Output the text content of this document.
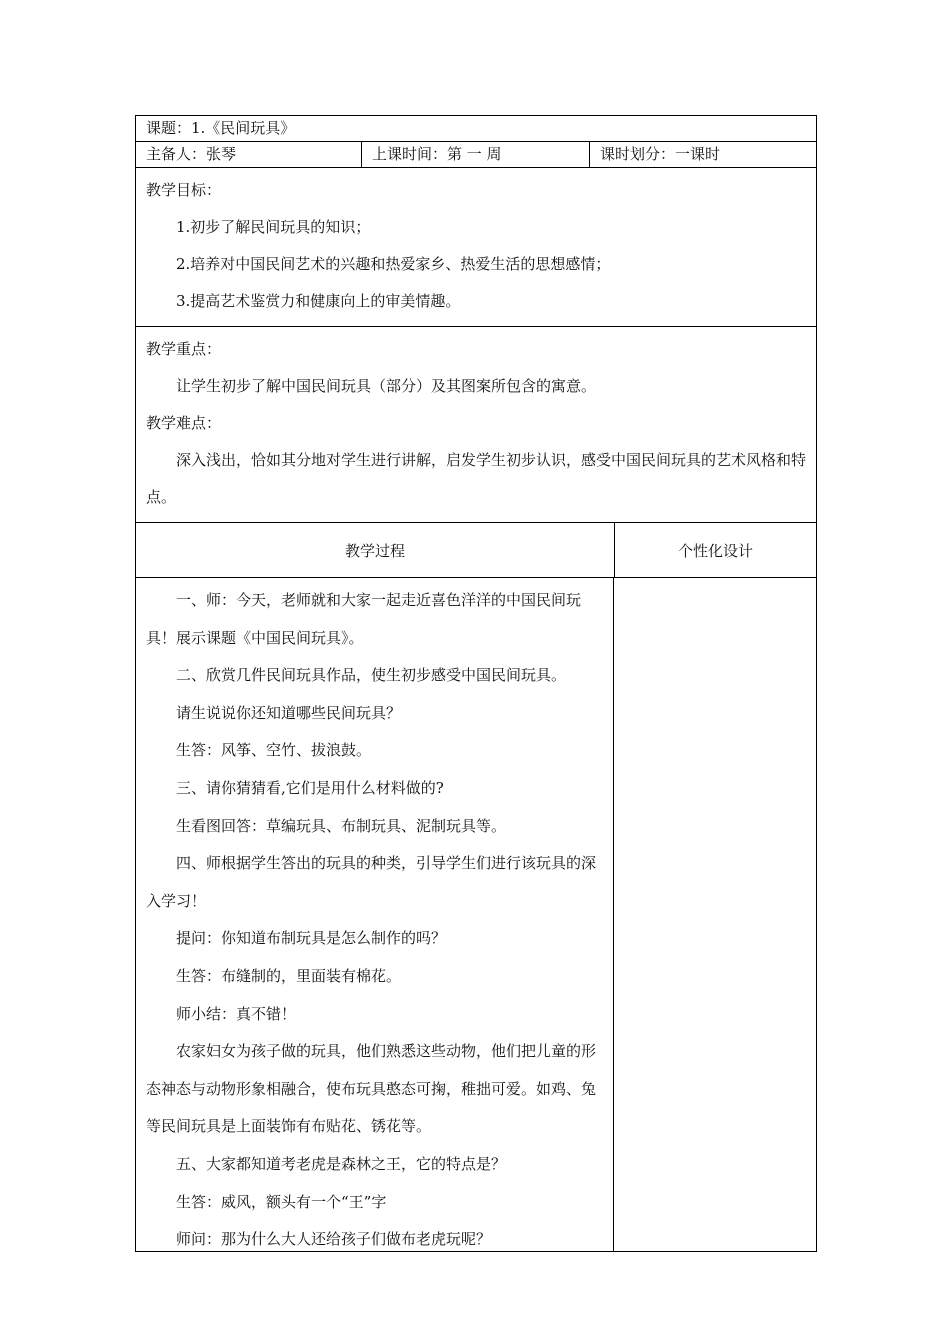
课题：1.《民间玩具》
主备人：张琴	上课时间：第 一 周	课时划分：一课时

教学目标：

1.初步了解民间玩具的知识；

2.培养对中国民间艺术的兴趣和热爱家乡、热爱生活的思想感情；

3.提高艺术鉴赏力和健康向上的审美情趣。

教学重点：

让学生初步了解中国民间玩具（部分）及其图案所包含的寓意。

教学难点：

深入浅出，恰如其分地对学生进行讲解，启发学生初步认识，感受中国民间玩具的艺术风格和特点。

教学过程	个性化设计

一、师：今天，老师就和大家一起走近喜色洋洋的中国民间玩具！展示课题《中国民间玩具》。

二、欣赏几件民间玩具作品，使生初步感受中国民间玩具。

请生说说你还知道哪些民间玩具？

生答：风筝、空竹、拔浪鼓。

三、请你猜猜看,它们是用什么材料做的?

生看图回答：草编玩具、布制玩具、泥制玩具等。

四、师根据学生答出的玩具的种类，引导学生们进行该玩具的深入学习！

提问：你知道布制玩具是怎么制作的吗？

生答：布缝制的，里面装有棉花。

师小结：真不错！

农家妇女为孩子做的玩具，他们熟悉这些动物，他们把儿童的形态神态与动物形象相融合，使布玩具憨态可掬，稚拙可爱。如鸡、兔等民间玩具是上面装饰有布贴花、锈花等。

五、大家都知道考老虎是森林之王，它的特点是？

生答：威风，额头有一个“王”字

师问：那为什么大人还给孩子们做布老虎玩呢？
